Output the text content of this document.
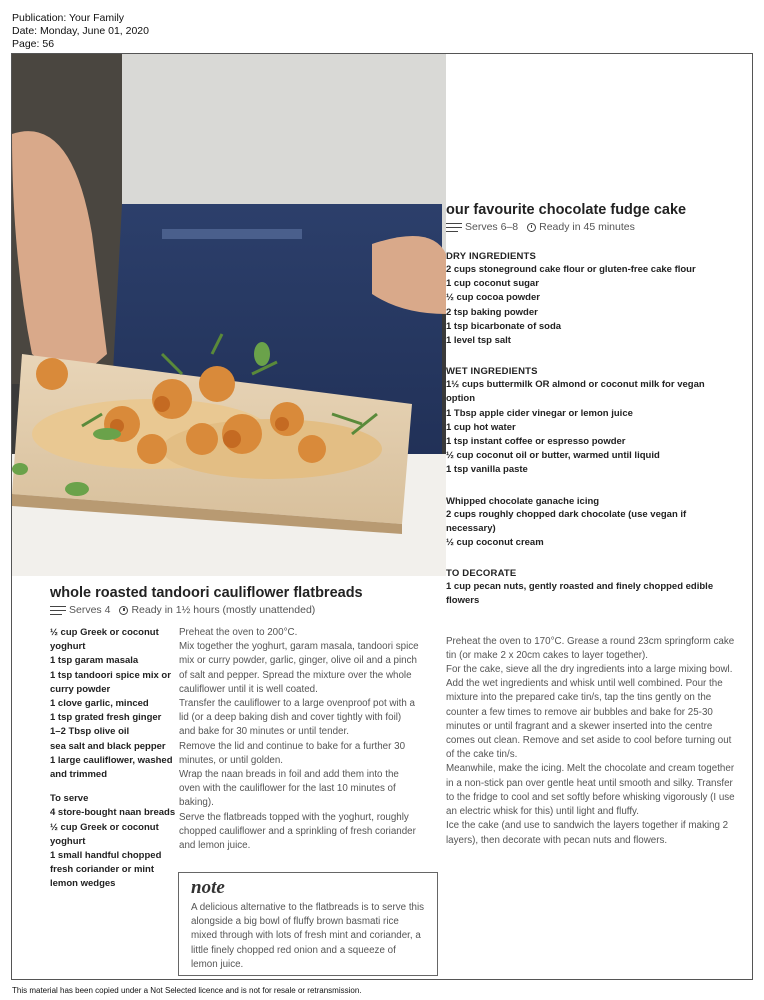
Publication: Your Family
Date: Monday, June 01, 2020
Page: 56
our favourite chocolate fudge cake
Serves 6–8 Ready in 45 minutes
DRY INGREDIENTS
2 cups stoneground cake flour or gluten-free cake flour
1 cup coconut sugar
½ cup cocoa powder
2 tsp baking powder
1 tsp bicarbonate of soda
1 level tsp salt
WET INGREDIENTS
1½ cups buttermilk OR almond or coconut milk for vegan option
1 Tbsp apple cider vinegar or lemon juice
1 cup hot water
1 tsp instant coffee or espresso powder
½ cup coconut oil or butter, warmed until liquid
1 tsp vanilla paste
Whipped chocolate ganache icing
2 cups roughly chopped dark chocolate (use vegan if necessary)
½ cup coconut cream
TO DECORATE
1 cup pecan nuts, gently roasted and finely chopped edible flowers
Preheat the oven to 170°C. Grease a round 23cm springform cake tin (or make 2 x 20cm cakes to layer together).
For the cake, sieve all the dry ingredients into a large mixing bowl. Add the wet ingredients and whisk until well combined. Pour the mixture into the prepared cake tin/s, tap the tins gently on the counter a few times to remove air bubbles and bake for 25-30 minutes or until fragrant and a skewer inserted into the centre comes out clean. Remove and set aside to cool before turning out of the cake tin/s.
Meanwhile, make the icing. Melt the chocolate and cream together in a non-stick pan over gentle heat until smooth and silky. Transfer to the fridge to cool and set softly before whisking vigorously (I use an electric whisk for this) until light and fluffy.
Ice the cake (and use to sandwich the layers together if making 2 layers), then decorate with pecan nuts and flowers.
whole roasted tandoori cauliflower flatbreads
Serves 4 Ready in 1½ hours (mostly unattended)
½ cup Greek or coconut yoghurt
1 tsp garam masala
1 tsp tandoori spice mix or curry powder
1 clove garlic, minced
1 tsp grated fresh ginger
1–2 Tbsp olive oil
sea salt and black pepper
1 large cauliflower, washed and trimmed
To serve
4 store-bought naan breads
½ cup Greek or coconut yoghurt
1 small handful chopped fresh coriander or mint
lemon wedges
Preheat the oven to 200°C.
Mix together the yoghurt, garam masala, tandoori spice mix or curry powder, garlic, ginger, olive oil and a pinch of salt and pepper. Spread the mixture over the whole cauliflower until it is well coated.
Transfer the cauliflower to a large ovenproof pot with a lid (or a deep baking dish and cover tightly with foil) and bake for 30 minutes or until tender.
Remove the lid and continue to bake for a further 30 minutes, or until golden.
Wrap the naan breads in foil and add them into the oven with the cauliflower for the last 10 minutes of baking).
Serve the flatbreads topped with the yoghurt, roughly chopped cauliflower and a sprinkling of fresh coriander and lemon juice.
note
A delicious alternative to the flatbreads is to serve this alongside a big bowl of fluffy brown basmati rice mixed through with lots of fresh mint and coriander, a little finely chopped red onion and a squeeze of lemon juice.
This material has been copied under a Not Selected licence and is not for resale or retransmission.
